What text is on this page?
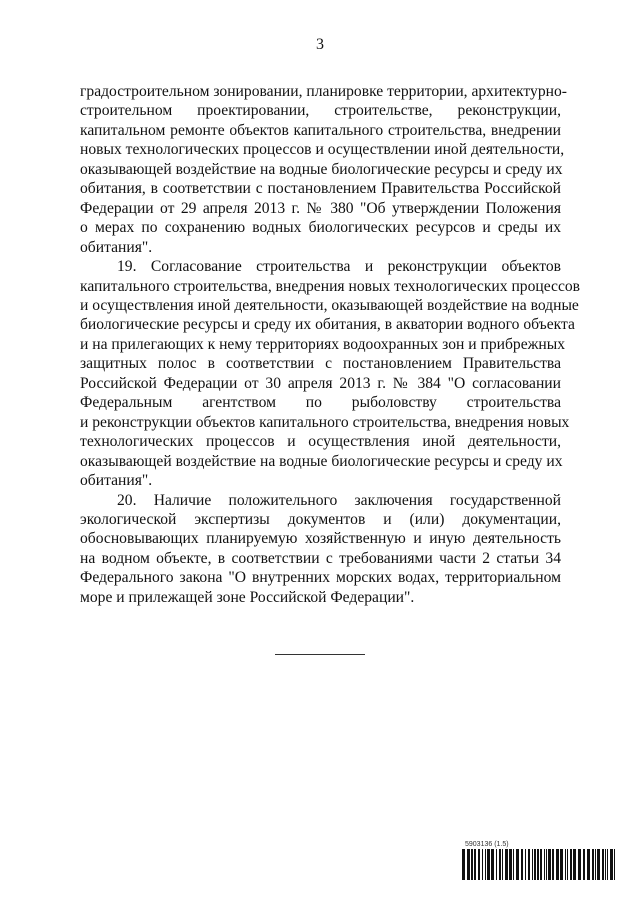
3
градостроительном зонировании, планировке территории, архитектурно-
строительном проектировании, строительстве, реконструкции,
капитальном ремонте объектов капитального строительства, внедрении
новых технологических процессов и осуществлении иной деятельности,
оказывающей воздействие на водные биологические ресурсы и среду их
обитания, в соответствии с постановлением Правительства Российской
Федерации от 29 апреля 2013 г. № 380 "Об утверждении Положения
о мерах по сохранению водных биологических ресурсов и среды их
обитания".
19. Согласование строительства и реконструкции объектов
капитального строительства, внедрения новых технологических процессов
и осуществления иной деятельности, оказывающей воздействие на водные
биологические ресурсы и среду их обитания, в акватории водного объекта
и на прилегающих к нему территориях водоохранных зон и прибрежных
защитных полос в соответствии с постановлением Правительства
Российской Федерации от 30 апреля 2013 г. № 384 "О согласовании
Федеральным агентством по рыболовству строительства
и реконструкции объектов капитального строительства, внедрения новых
технологических процессов и осуществления иной деятельности,
оказывающей воздействие на водные биологические ресурсы и среду их
обитания".
20. Наличие положительного заключения государственной
экологической экспертизы документов и (или) документации,
обосновывающих планируемую хозяйственную и иную деятельность
на водном объекте, в соответствии с требованиями части 2 статьи 34
Федерального закона "О внутренних морских водах, территориальном
море и прилежащей зоне Российской Федерации".
5903136 (1.5)
